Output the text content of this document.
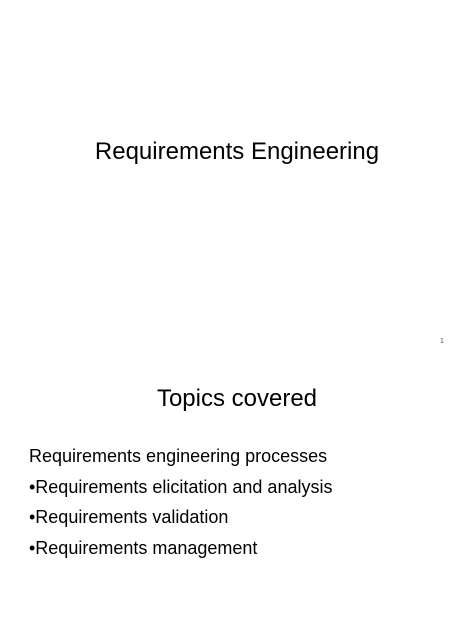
Requirements Engineering
1
Topics covered
Requirements engineering processes
•Requirements elicitation and analysis
•Requirements validation
•Requirements management
